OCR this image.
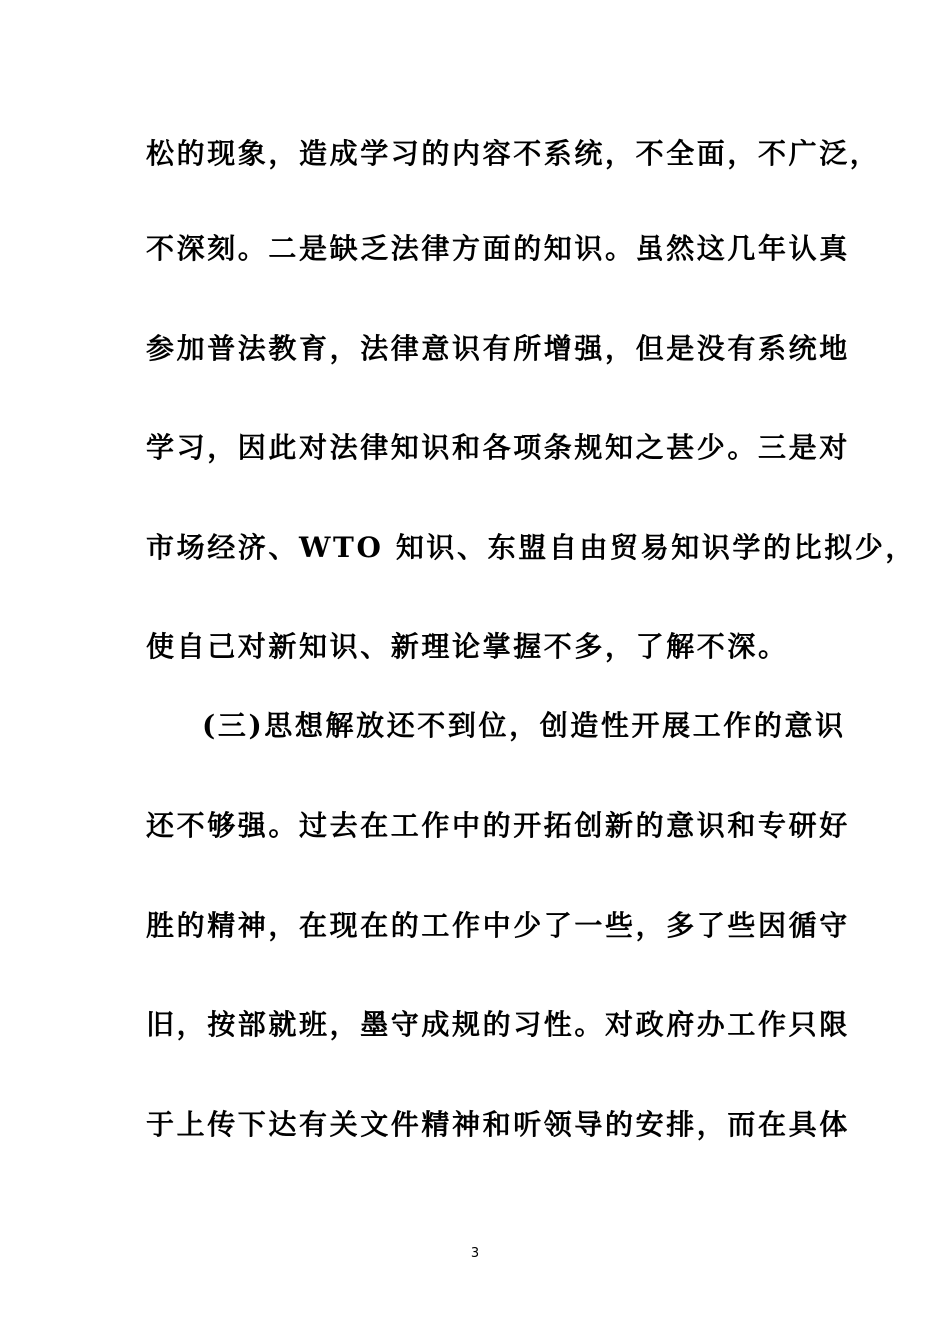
松的现象，造成学习的内容不系统，不全面，不广泛，
不深刻。二是缺乏法律方面的知识。虽然这几年认真
参加普法教育，法律意识有所增强，但是没有系统地
学习，因此对法律知识和各项条规知之甚少。三是对
市场经济、WTO 知识、东盟自由贸易知识学的比拟少，
使自己对新知识、新理论掌握不多，了解不深。
(三)思想解放还不到位，创造性开展工作的意识
还不够强。过去在工作中的开拓创新的意识和专研好
胜的精神，在现在的工作中少了一些，多了些因循守
旧，按部就班，墨守成规的习性。对政府办工作只限
于上传下达有关文件精神和听领导的安排，而在具体
3
